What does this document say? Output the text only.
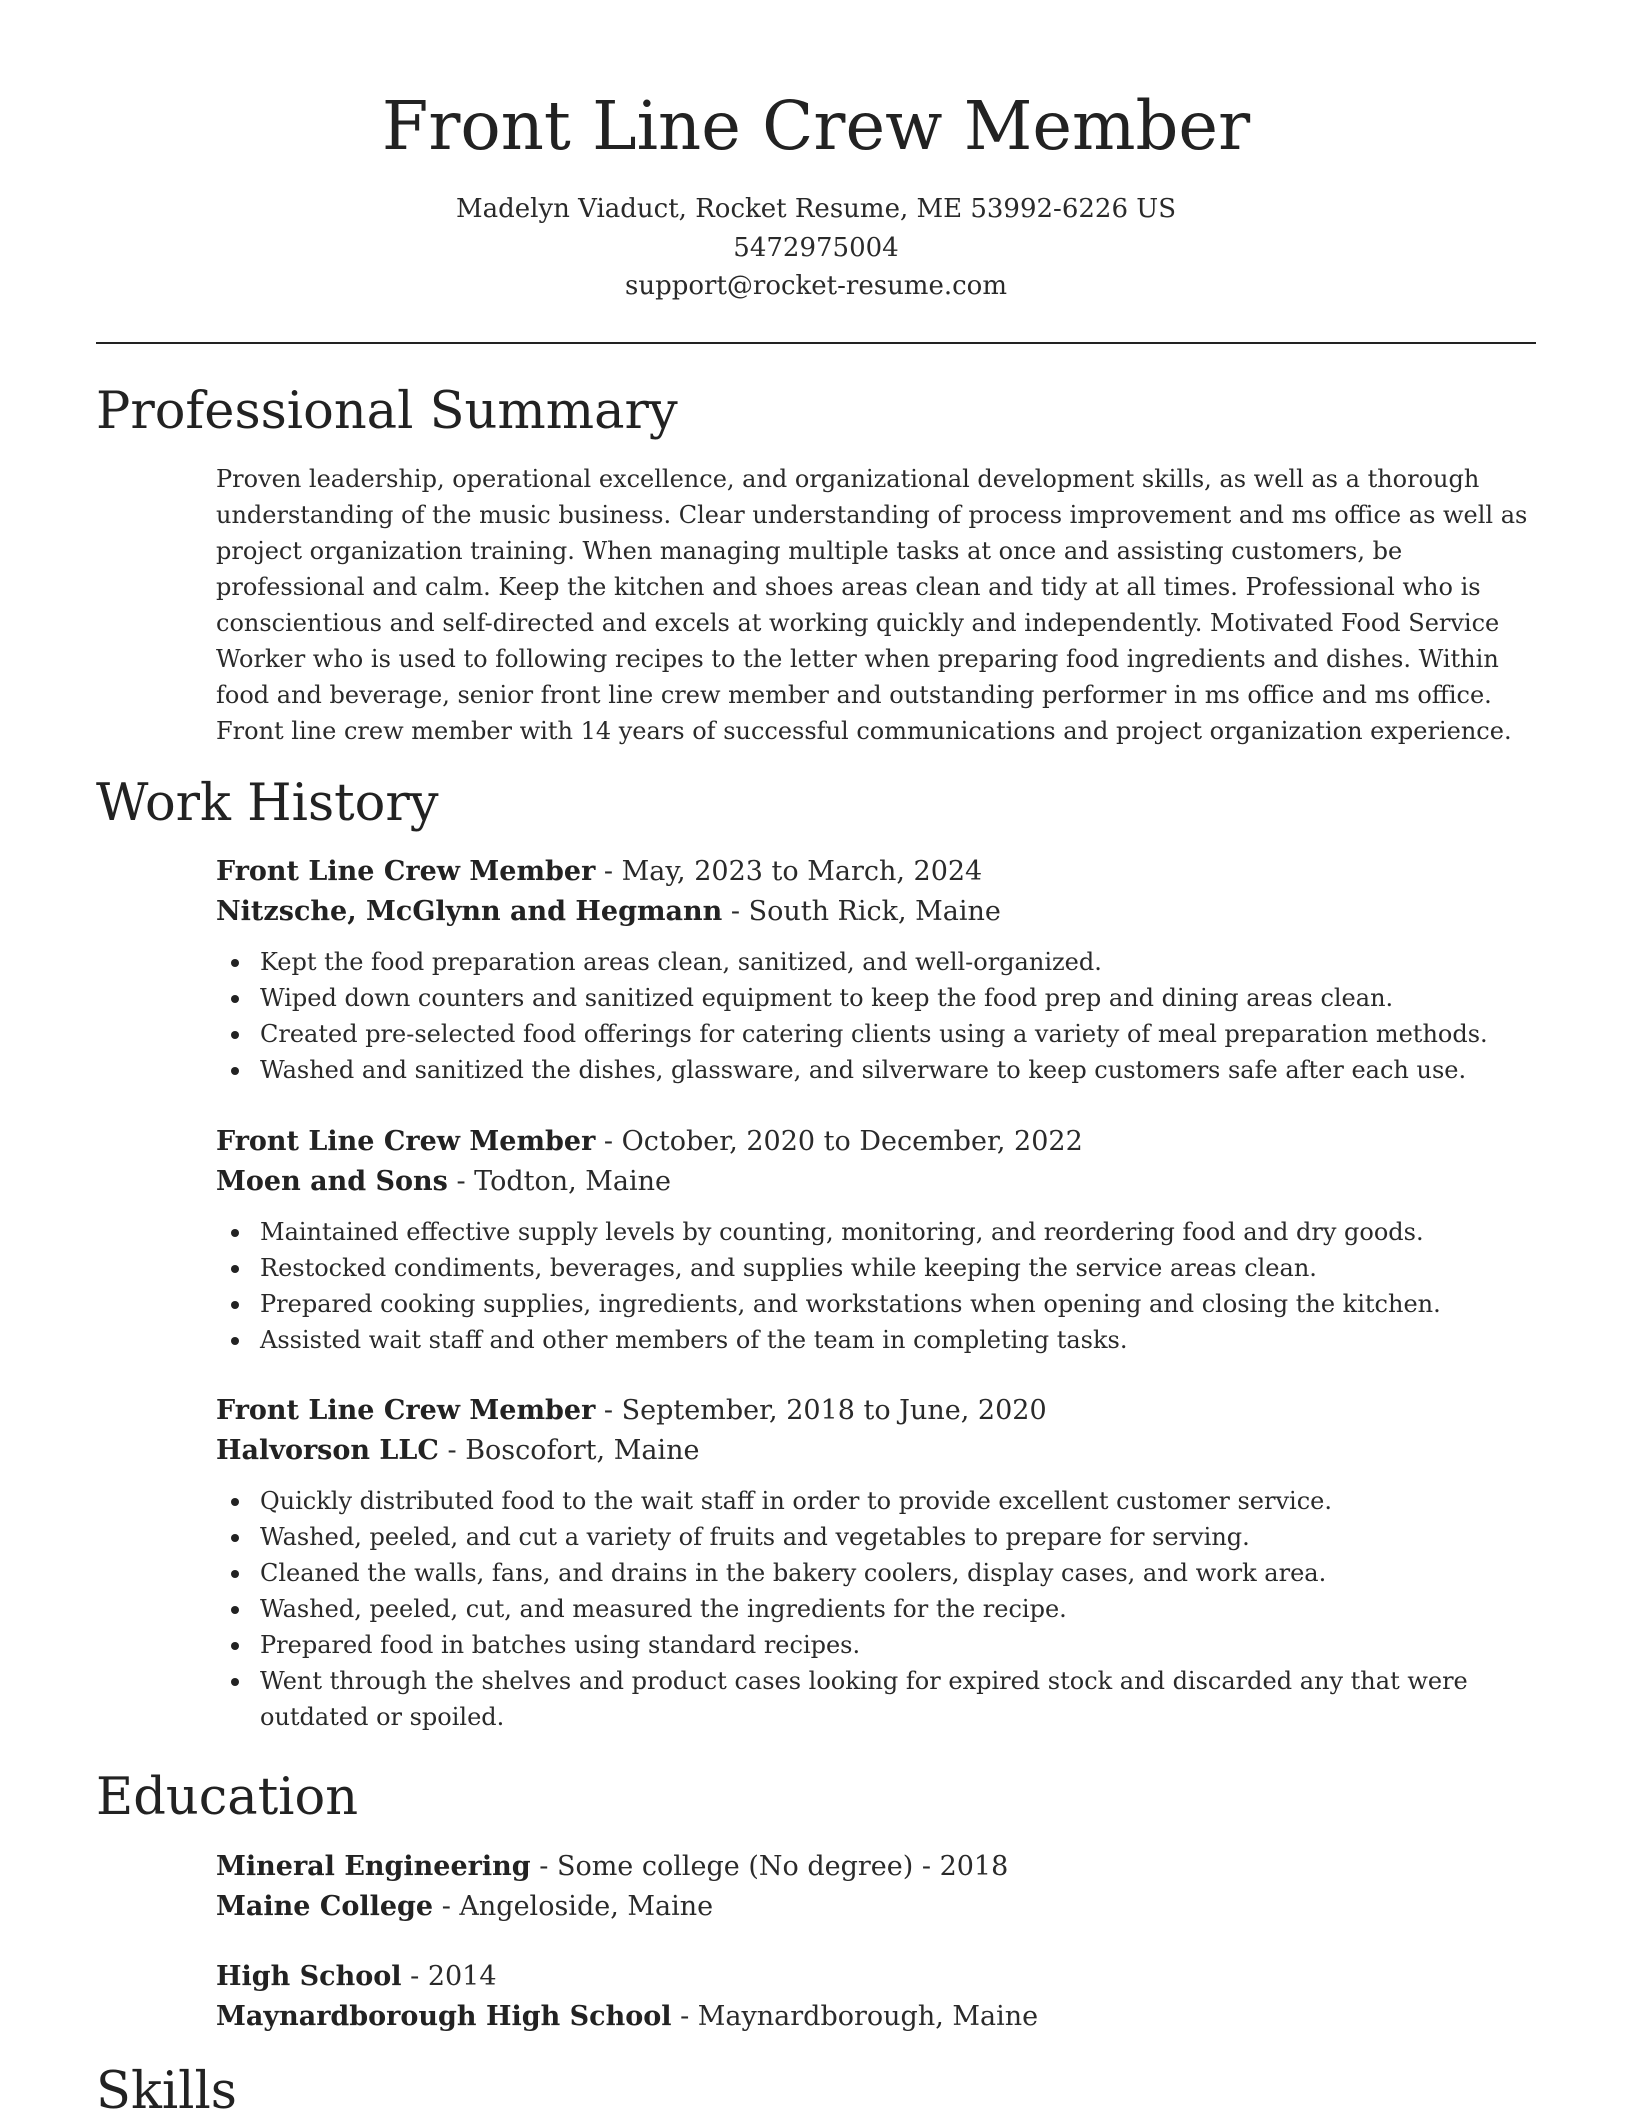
Front Line Crew Member
Madelyn Viaduct, Rocket Resume, ME 53992-6226 US
5472975004
support@rocket-resume.com
Professional Summary

Proven leadership, operational excellence, and organizational development skills, as well as a thorough understanding of the music business. Clear understanding of process improvement and ms office as well as project organization training. When managing multiple tasks at once and assisting customers, be professional and calm. Keep the kitchen and shoes areas clean and tidy at all times. Professional who is conscientious and self-directed and excels at working quickly and independently. Motivated Food Service Worker who is used to following recipes to the letter when preparing food ingredients and dishes. Within food and beverage, senior front line crew member and outstanding performer in ms office and ms office. Front line crew member with 14 years of successful communications and project organization experience.

Work History
Front Line Crew Member - May, 2023 to March, 2024
Nitzsche, McGlynn and Hegmann - South Rick, Maine
Kept the food preparation areas clean, sanitized, and well-organized.
Wiped down counters and sanitized equipment to keep the food prep and dining areas clean.
Created pre-selected food offerings for catering clients using a variety of meal preparation methods.
Washed and sanitized the dishes, glassware, and silverware to keep customers safe after each use.
Front Line Crew Member - October, 2020 to December, 2022
Moen and Sons - Todton, Maine
Maintained effective supply levels by counting, monitoring, and reordering food and dry goods.
Restocked condiments, beverages, and supplies while keeping the service areas clean.
Prepared cooking supplies, ingredients, and workstations when opening and closing the kitchen.
Assisted wait staff and other members of the team in completing tasks.
Front Line Crew Member - September, 2018 to June, 2020
Halvorson LLC - Boscofort, Maine
Quickly distributed food to the wait staff in order to provide excellent customer service.
Washed, peeled, and cut a variety of fruits and vegetables to prepare for serving.
Cleaned the walls, fans, and drains in the bakery coolers, display cases, and work area.
Washed, peeled, cut, and measured the ingredients for the recipe.
Prepared food in batches using standard recipes.
Went through the shelves and product cases looking for expired stock and discarded any that were outdated or spoiled.
Education
Mineral Engineering - Some college (No degree) - 2018
Maine College - Angeloside, Maine
High School - 2014
Maynardborough High School - Maynardborough, Maine
Skills
